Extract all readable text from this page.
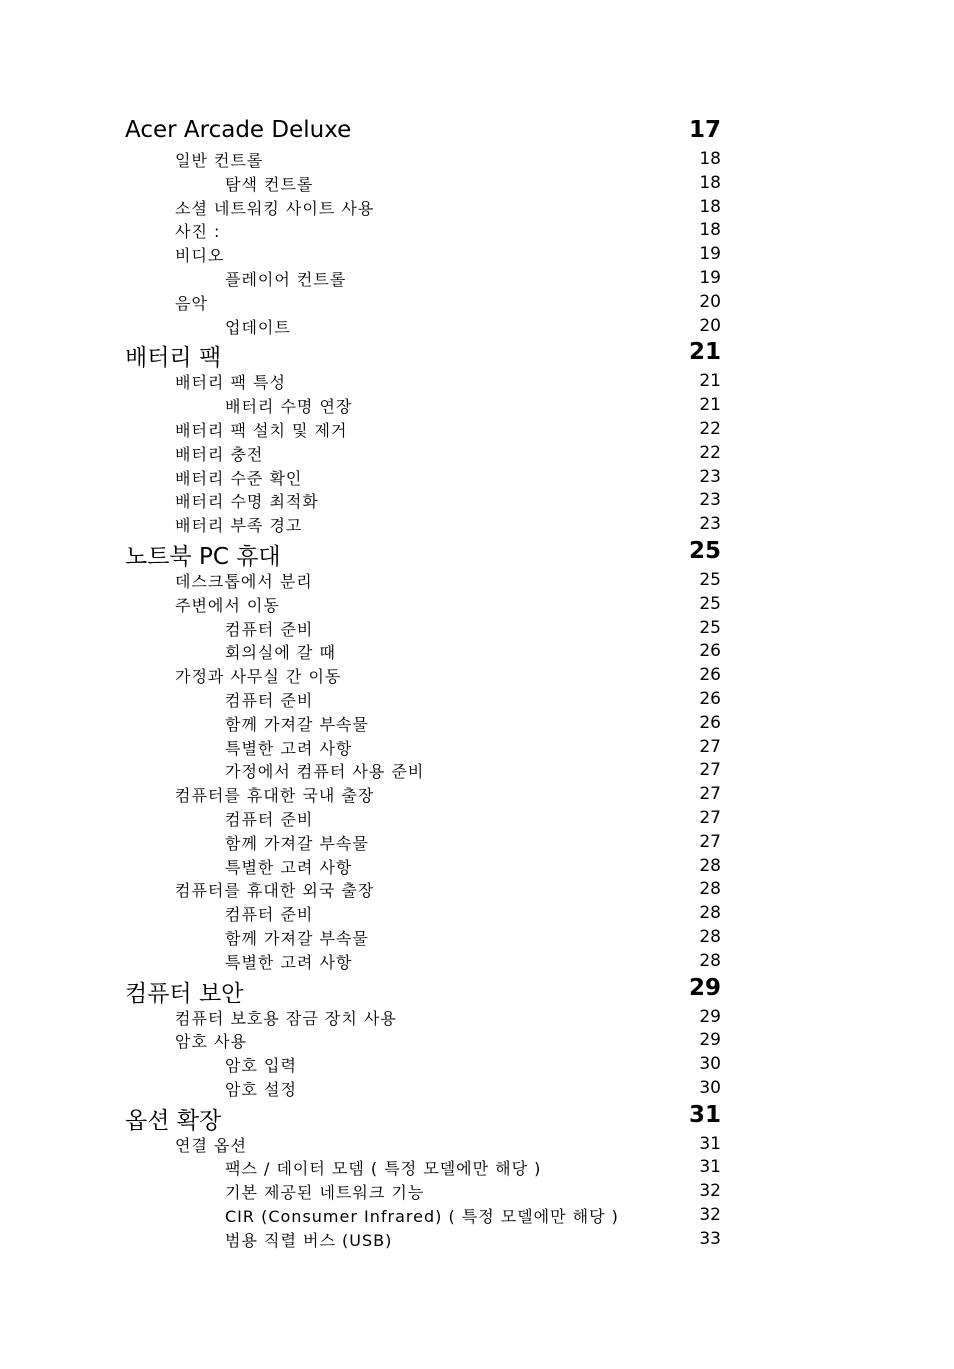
Acer Arcade Deluxe	17
일반 컨트롤	18
탐색 컨트롤	18
소셜 네트워킹 사이트 사용	18
사진 :	18
비디오	19
플레이어 컨트롤	19
음악	20
업데이트	20
배터리 팩	21
배터리 팩 특성	21
배터리 수명 연장	21
배터리 팩 설치 및 제거	22
배터리 충전	22
배터리 수준 확인	23
배터리 수명 최적화	23
배터리 부족 경고	23
노트북 PC 휴대	25
데스크톱에서 분리	25
주변에서 이동	25
컴퓨터 준비	25
회의실에 갈 때	26
가정과 사무실 간 이동	26
컴퓨터 준비	26
함께 가져갈 부속물	26
특별한 고려 사항	27
가정에서 컴퓨터 사용 준비	27
컴퓨터를 휴대한 국내 출장	27
컴퓨터 준비	27
함께 가져갈 부속물	27
특별한 고려 사항	28
컴퓨터를 휴대한 외국 출장	28
컴퓨터 준비	28
함께 가져갈 부속물	28
특별한 고려 사항	28
컴퓨터 보안	29
컴퓨터 보호용 잠금 장치 사용	29
암호 사용	29
암호 입력	30
암호 설정	30
옵션 확장	31
연결 옵션	31
팩스 / 데이터 모뎀 ( 특정 모델에만 해당 )	31
기본 제공된 네트워크 기능	32
CIR (Consumer Infrared) ( 특정 모델에만 해당 )	32
범용 직렬 버스 (USB)	33
